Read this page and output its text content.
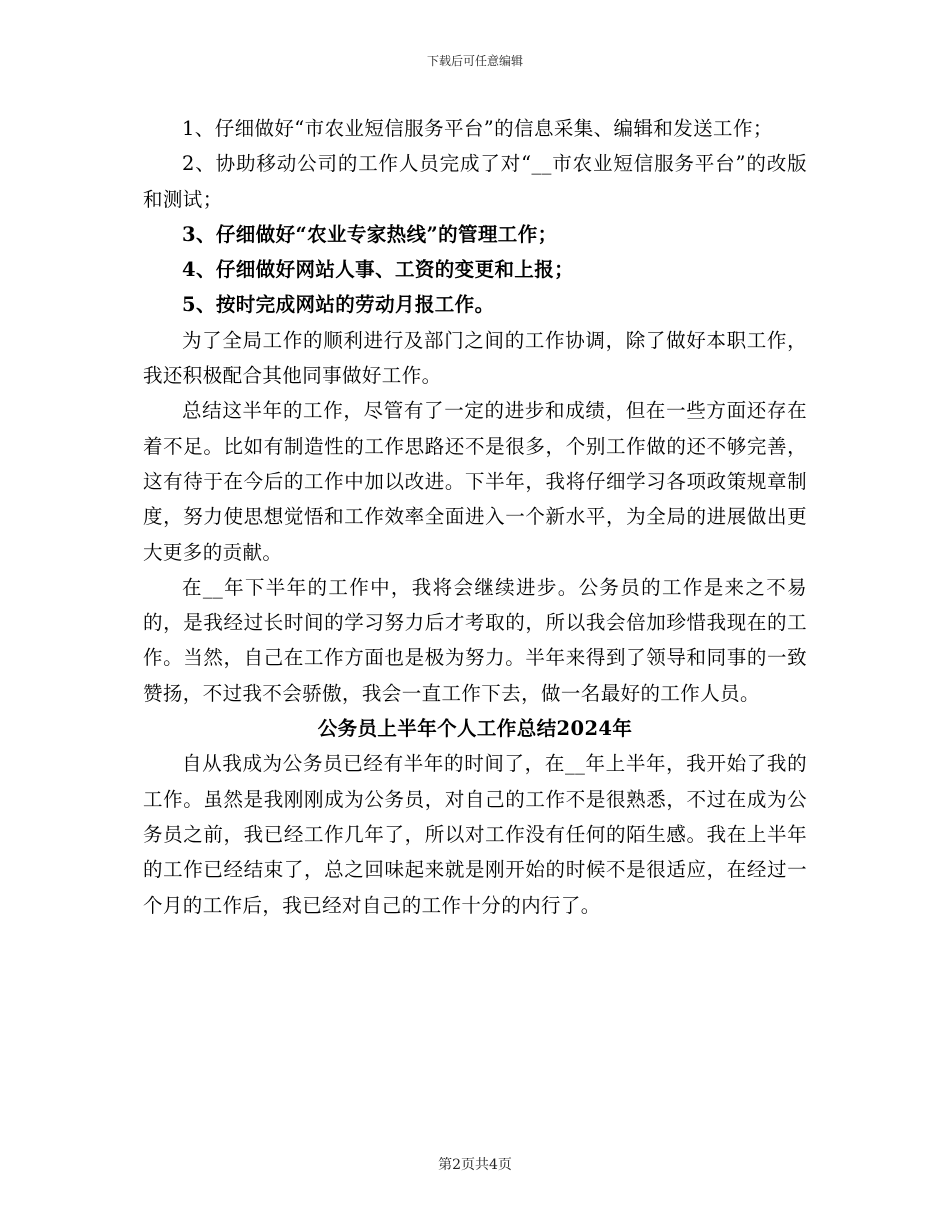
下载后可任意编辑

1、仔细做好“市农业短信服务平台”的信息采集、编辑和发送工作；

2、协助移动公司的工作人员完成了对“__市农业短信服务平台”的改版和测试；

3、仔细做好“农业专家热线”的管理工作；

4、仔细做好网站人事、工资的变更和上报；

5、按时完成网站的劳动月报工作。

为了全局工作的顺利进行及部门之间的工作协调，除了做好本职工作，我还积极配合其他同事做好工作。

总结这半年的工作，尽管有了一定的进步和成绩，但在一些方面还存在着不足。比如有制造性的工作思路还不是很多，个别工作做的还不够完善，这有待于在今后的工作中加以改进。下半年，我将仔细学习各项政策规章制度，努力使思想觉悟和工作效率全面进入一个新水平，为全局的进展做出更大更多的贡献。

在__年下半年的工作中，我将会继续进步。公务员的工作是来之不易的，是我经过长时间的学习努力后才考取的，所以我会倍加珍惜我现在的工作。当然，自己在工作方面也是极为努力。半年来得到了领导和同事的一致赞扬，不过我不会骄傲，我会一直工作下去，做一名最好的工作人员。

公务员上半年个人工作总结2024年

自从我成为公务员已经有半年的时间了，在__年上半年，我开始了我的工作。虽然是我刚刚成为公务员，对自己的工作不是很熟悉，不过在成为公务员之前，我已经工作几年了，所以对工作没有任何的陌生感。我在上半年的工作已经结束了，总之回味起来就是刚开始的时候不是很适应，在经过一个月的工作后，我已经对自己的工作十分的内行了。

第2页共4页
